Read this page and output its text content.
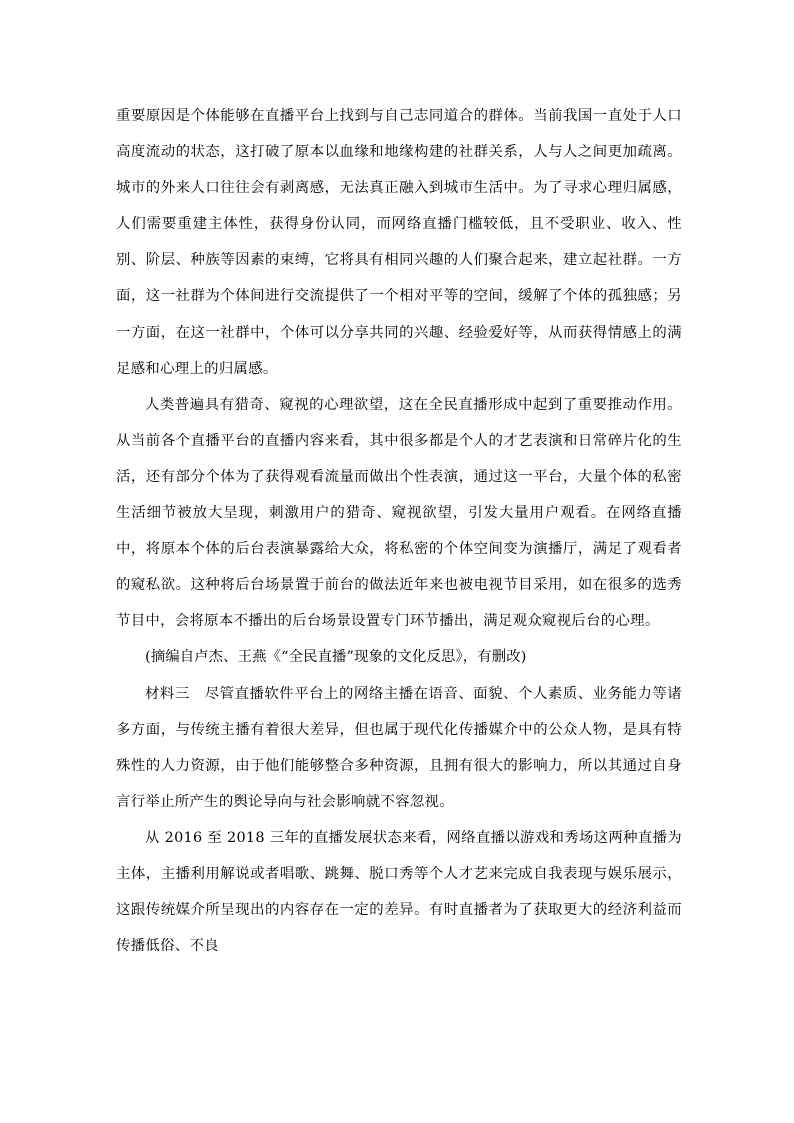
重要原因是个体能够在直播平台上找到与自己志同道合的群体。当前我国一直处于人口高度流动的状态，这打破了原本以血缘和地缘构建的社群关系，人与人之间更加疏离。城市的外来人口往往会有剥离感，无法真正融入到城市生活中。为了寻求心理归属感，人们需要重建主体性，获得身份认同，而网络直播门槛较低，且不受职业、收入、性别、阶层、种族等因素的束缚，它将具有相同兴趣的人们聚合起来，建立起社群。一方面，这一社群为个体间进行交流提供了一个相对平等的空间，缓解了个体的孤独感；另一方面，在这一社群中，个体可以分享共同的兴趣、经验爱好等，从而获得情感上的满足感和心理上的归属感。

人类普遍具有猎奇、窥视的心理欲望，这在全民直播形成中起到了重要推动作用。从当前各个直播平台的直播内容来看，其中很多都是个人的才艺表演和日常碎片化的生活，还有部分个体为了获得观看流量而做出个性表演，通过这一平台，大量个体的私密生活细节被放大呈现，刺激用户的猎奇、窥视欲望，引发大量用户观看。在网络直播中，将原本个体的后台表演暴露给大众，将私密的个体空间变为演播厅，满足了观看者的窥私欲。这种将后台场景置于前台的做法近年来也被电视节目采用，如在很多的选秀节目中，会将原本不播出的后台场景设置专门环节播出，满足观众窥视后台的心理。

(摘编自卢杰、王燕《“全民直播”现象的文化反思》，有删改)

材料三　尽管直播软件平台上的网络主播在语音、面貌、个人素质、业务能力等诸多方面，与传统主播有着很大差异，但也属于现代化传播媒介中的公众人物，是具有特殊性的人力资源，由于他们能够整合多种资源，且拥有很大的影响力，所以其通过自身言行举止所产生的舆论导向与社会影响就不容忽视。

从 2016 至 2018 三年的直播发展状态来看，网络直播以游戏和秀场这两种直播为主体，主播利用解说或者唱歌、跳舞、脱口秀等个人才艺来完成自我表现与娱乐展示，这跟传统媒介所呈现出的内容存在一定的差异。有时直播者为了获取更大的经济利益而传播低俗、不良
